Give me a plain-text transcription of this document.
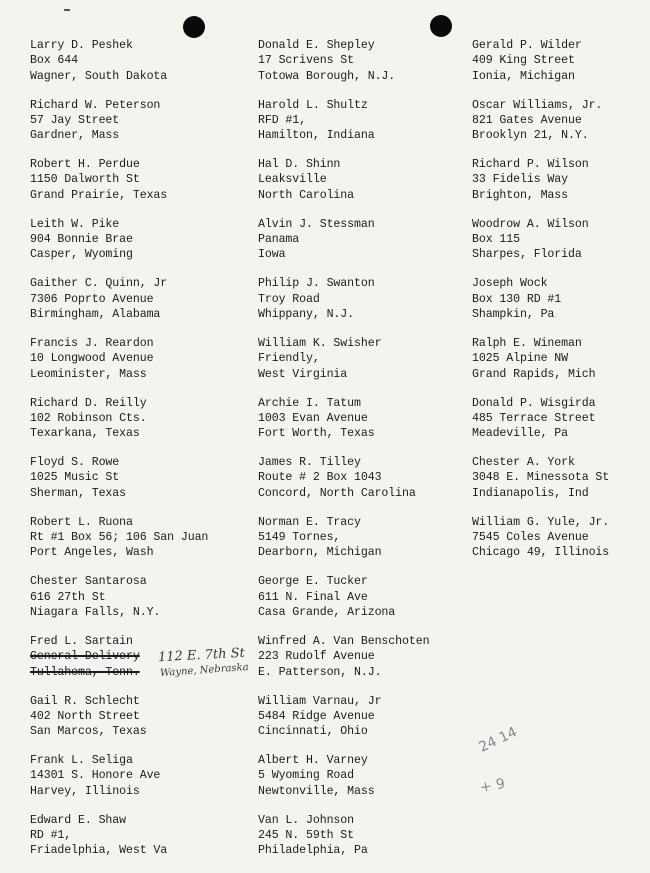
Larry D. Peshek
Box 644
Wagner, South Dakota
Richard W. Peterson
57 Jay Street
Gardner, Mass
Robert H. Perdue
1150 Dalworth St
Grand Prairie, Texas
Leith W. Pike
904 Bonnie Brae
Casper, Wyoming
Gaither C. Quinn, Jr
7306 Poprto Avenue
Birmingham, Alabama
Francis J. Reardon
10 Longwood Avenue
Leominister, Mass
Richard D. Reilly
102 Robinson Cts.
Texarkana, Texas
Floyd S. Rowe
1025 Music St
Sherman, Texas
Robert L. Ruona
Rt #1 Box 56; 106 San Juan
Port Angeles, Wash
Chester Santarosa
616 27th St
Niagara Falls, N.Y.
Fred L. Sartain
General Delivery
Tullahoma, Tenn.
Gail R. Schlecht
402 North Street
San Marcos, Texas
Frank L. Seliga
14301 S. Honore Ave
Harvey, Illinois
Edward E. Shaw
RD #1,
Friadelphia, West Va
Donald E. Shepley
17 Scrivens St
Totowa Borough, N.J.
Harold L. Shultz
RFD #1,
Hamilton, Indiana
Hal D. Shinn
Leaksville
North Carolina
Alvin J. Stessman
Panama
Iowa
Philip J. Swanton
Troy Road
Whippany, N.J.
William K. Swisher
Friendly,
West Virginia
Archie I. Tatum
1003 Evan Avenue
Fort Worth, Texas
James R. Tilley
Route # 2 Box 1043
Concord, North Carolina
Norman E. Tracy
5149 Tornes,
Dearborn, Michigan
George E. Tucker
611 N. Final Ave
Casa Grande, Arizona
Winfred A. Van Benschoten
223 Rudolf Avenue
E. Patterson, N.J.
William Varnau, Jr
5484 Ridge Avenue
Cincinnati, Ohio
Albert H. Varney
5 Wyoming Road
Newtonville, Mass
Van L. Johnson
245 N. 59th St
Philadelphia, Pa
Gerald P. Wilder
409 King Street
Ionia, Michigan
Oscar Williams, Jr.
821 Gates Avenue
Brooklyn 21, N.Y.
Richard P. Wilson
33 Fidelis Way
Brighton, Mass
Woodrow A. Wilson
Box 115
Sharpes, Florida
Joseph Wock
Box 130 RD #1
Shampkin, Pa
Ralph E. Wineman
1025 Alpine NW
Grand Rapids, Mich
Donald P. Wisgirda
485 Terrace Street
Meadeville, Pa
Chester A. York
3048 E. Minessota St
Indianapolis, Ind
William G. Yule, Jr.
7545 Coles Avenue
Chicago 49, Illinois
112 E. 7th St
Wayne, Nebraska
24 14
+ 9
